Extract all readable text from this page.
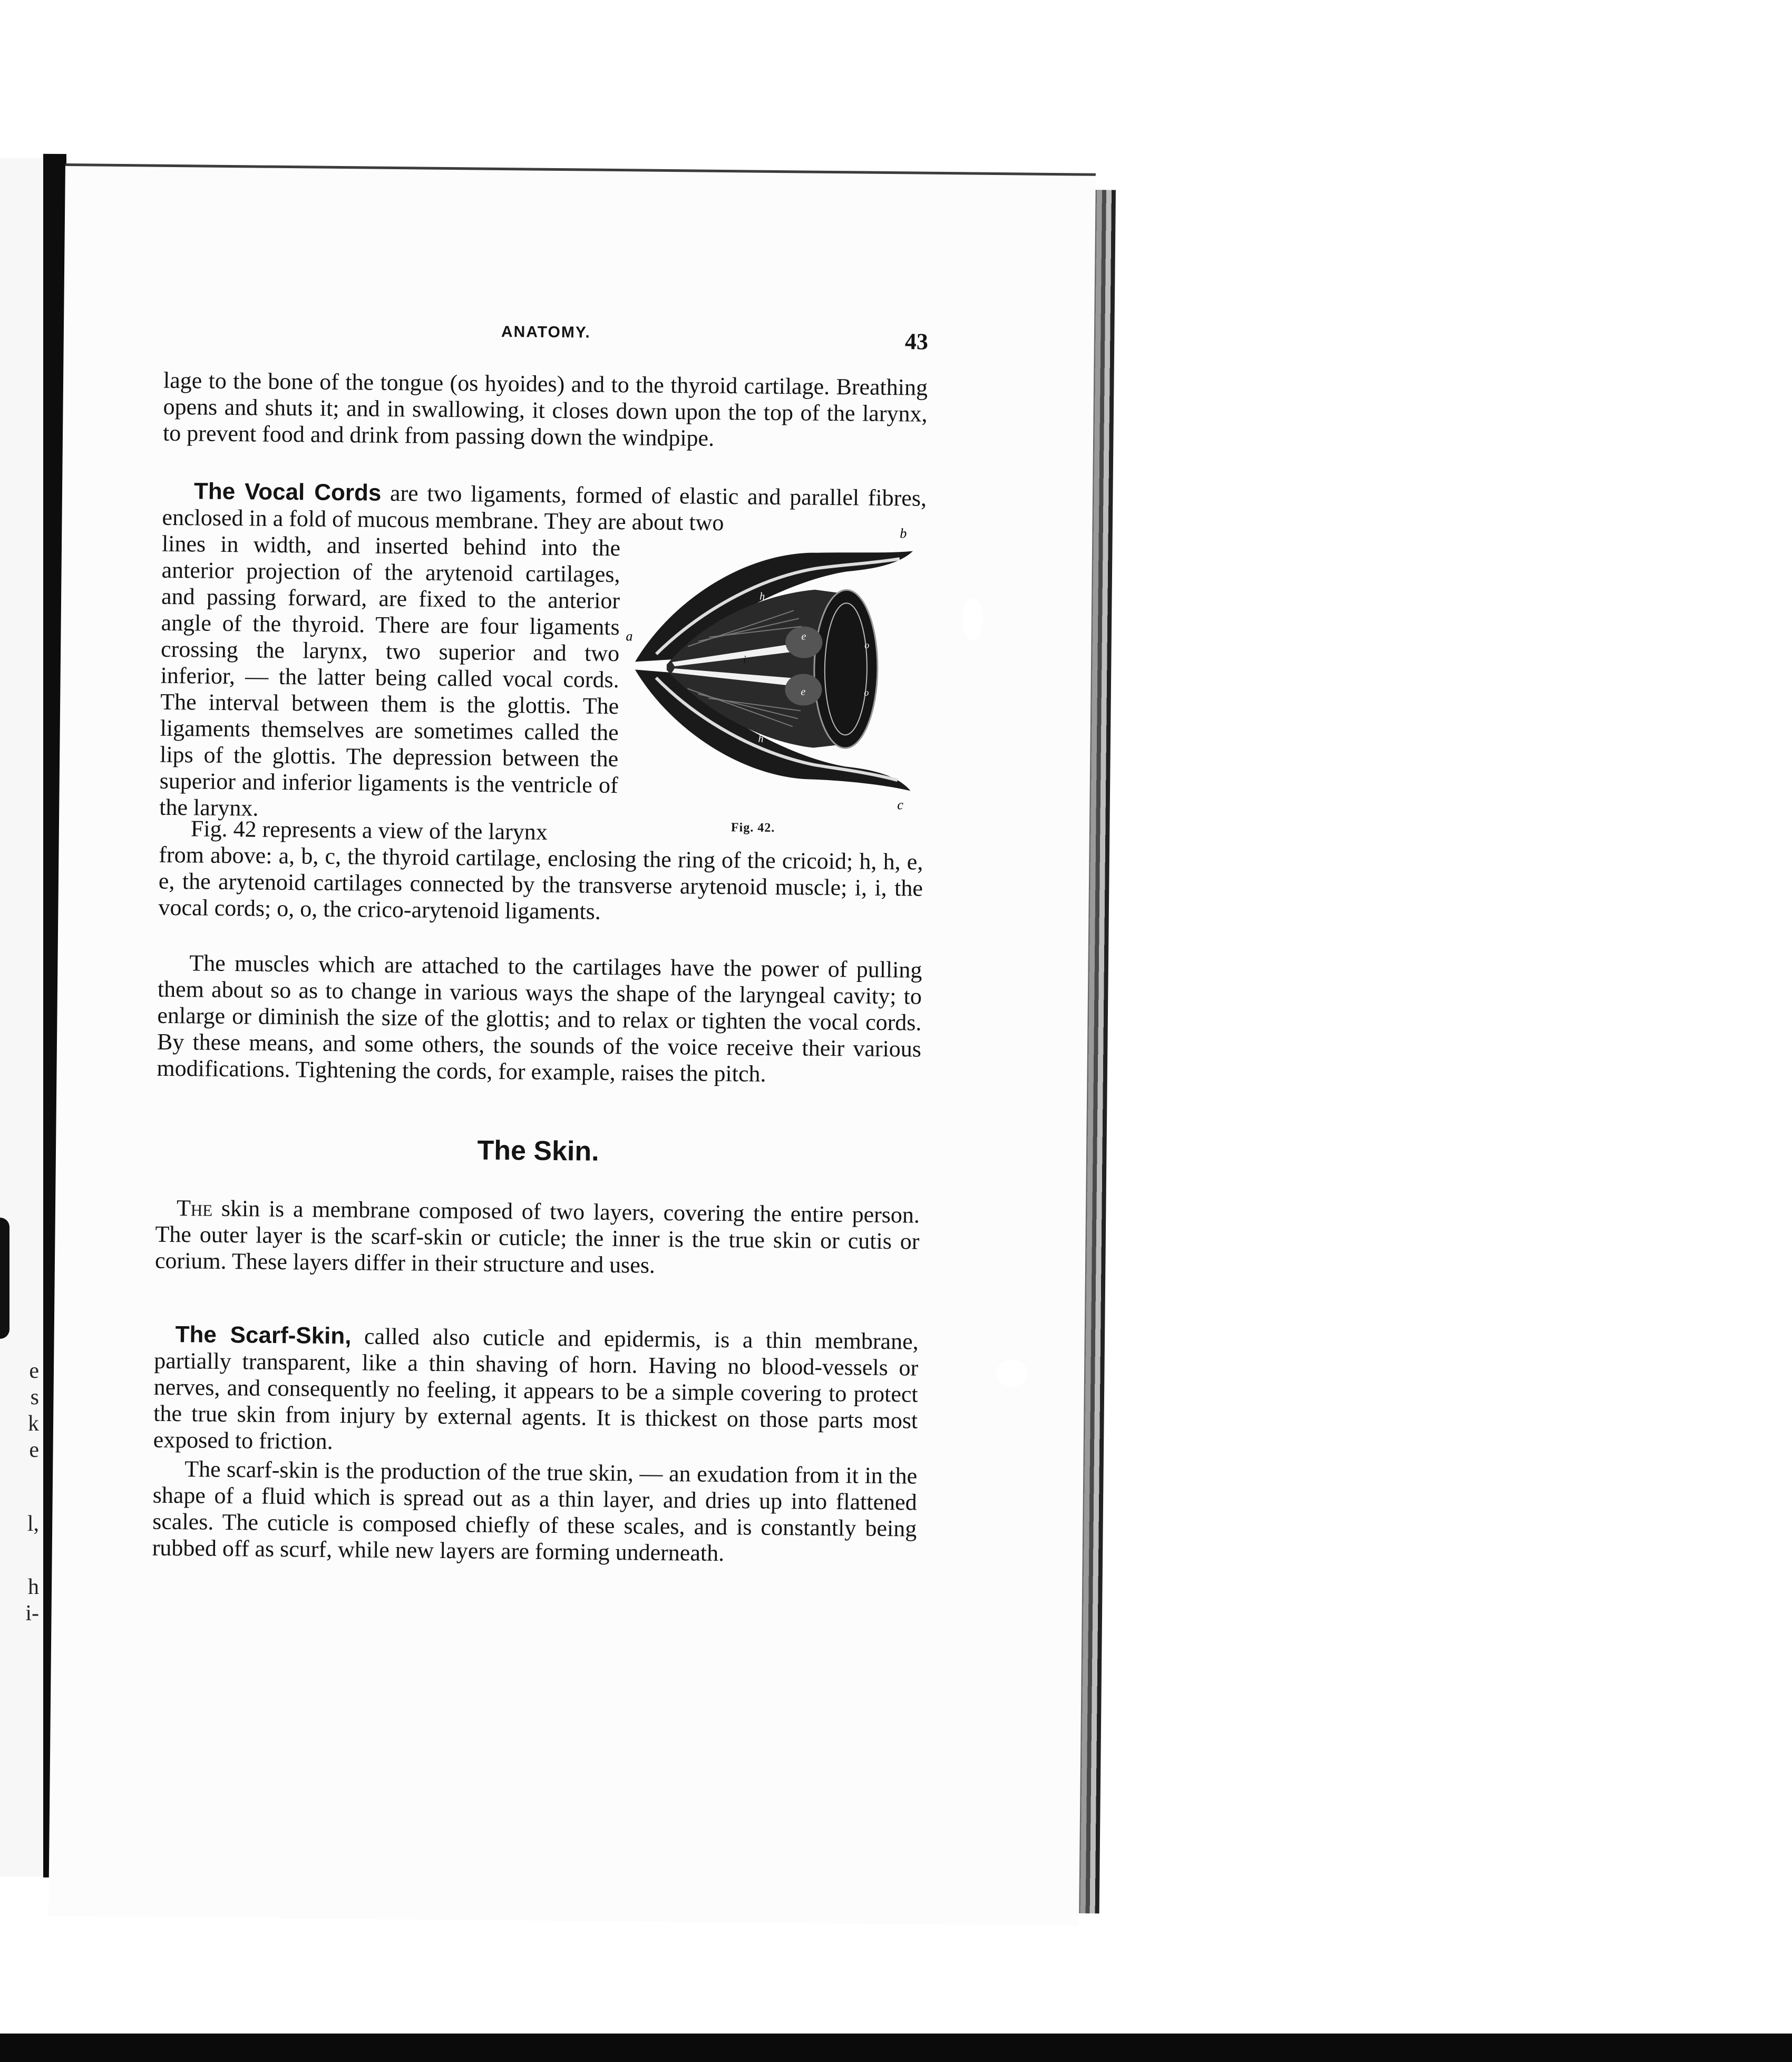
e
s
k
e
l,
h
i-
ANATOMY.	43

lage to the bone of the tongue (os hyoides) and to the thyroid cartilage. Breathing opens and shuts it; and in swallowing, it closes down upon the top of the larynx, to prevent food and drink from passing down the windpipe.

The Vocal Cords are two ligaments, formed of elastic and parallel fibres, enclosed in a fold of mucous membrane. They are about two

lines in width, and inserted behind into the anterior projection of the arytenoid cartilages, and passing forward, are fixed to the anterior angle of the thyroid. There are four ligaments crossing the larynx, two superior and two inferior, — the latter being called vocal cords. The interval between them is the glottis. The ligaments themselves are sometimes called the lips of the glottis. The depression between the superior and inferior ligaments is the ventricle of the larynx.

a
b
c
h
h
e
e
i
o
o
Fig. 42.

Fig. 42 represents a view of the larynx

from above: a, b, c, the thyroid cartilage, enclosing the ring of the cricoid; h, h, e, e, the arytenoid cartilages connected by the transverse arytenoid muscle; i, i, the vocal cords; o, o, the crico-arytenoid ligaments.

The muscles which are attached to the cartilages have the power of pulling them about so as to change in various ways the shape of the laryngeal cavity; to enlarge or diminish the size of the glottis; and to relax or tighten the vocal cords. By these means, and some others, the sounds of the voice receive their various modifications. Tightening the cords, for example, raises the pitch.

The Skin.

The skin is a membrane composed of two layers, covering the entire person. The outer layer is the scarf-skin or cuticle; the inner is the true skin or cutis or corium. These layers differ in their structure and uses.

The Scarf-Skin, called also cuticle and epidermis, is a thin membrane, partially transparent, like a thin shaving of horn. Having no blood-vessels or nerves, and consequently no feeling, it appears to be a simple covering to protect the true skin from injury by external agents. It is thickest on those parts most exposed to friction.

The scarf-skin is the production of the true skin, — an exudation from it in the shape of a fluid which is spread out as a thin layer, and dries up into flattened scales. The cuticle is composed chiefly of these scales, and is constantly being rubbed off as scurf, while new layers are forming underneath.
